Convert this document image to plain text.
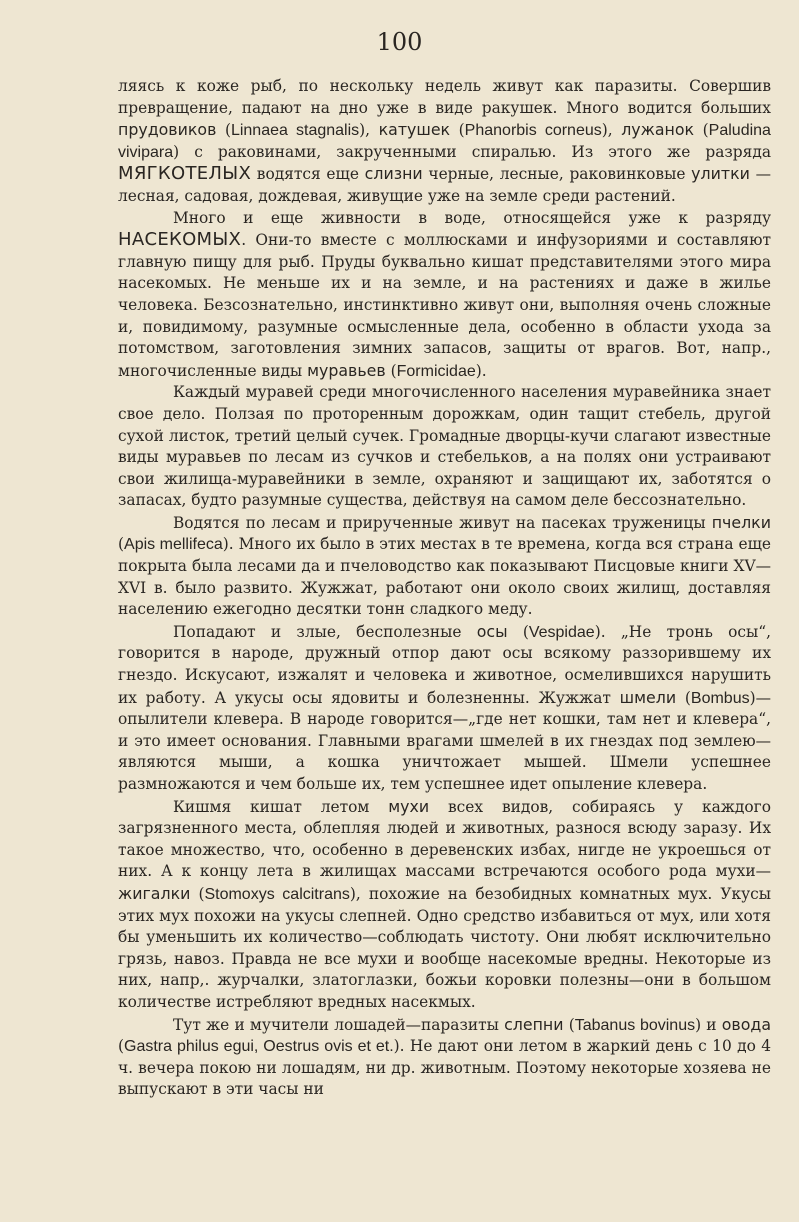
100

ляясь к коже рыб, по нескольку недель живут как паразиты. Совершив превращение, падают на дно уже в виде ракушек. Много водится больших прудовиков (Linnaea stagnalis), катушек (Phanorbis corneus), лужанок (Paludina vivipara) с раковинами, закрученными спиралью. Из этого же разряда МЯГКОТЕЛЫХ водятся еще слизни черные, лесные, раковинковые улитки — лесная, садовая, дождевая, живущие уже на земле среди растений.

Много и еще живности в воде, относящейся уже к разряду НАСЕКОМЫХ. Они-то вместе с моллюсками и инфузориями и составляют главную пищу для рыб. Пруды буквально кишат представителями этого мира насекомых. Не меньше их и на земле, и на растениях и даже в жилье человека. Безсознательно, инстинктивно живут они, выполняя очень сложные и, повидимому, разумные осмысленные дела, особенно в области ухода за потомством, заготовления зимних запасов, защиты от врагов. Вот, напр., многочисленные виды муравьев (Formicidae).

Каждый муравей среди многочисленного населения муравейника знает свое дело. Ползая по протоpенным дорожкам, один тащит стебель, другой сухой листок, третий целый сучек. Громадные дворцы-кучи слагают известные виды муравьев по лесам из сучков и стебельков, а на полях они устраивают свои жилища-муравейники в земле, охраняют и защищают их, заботятся о запасах, будто разумные существа, действуя на самом деле бессознательно.

Водятся по лесам и прирученные живут на пасеках труженицы пчелки (Apis mellifeca). Много их было в этих местах в те времена, когда вся страна еще покрыта была лесами да и пчеловодство как показывают Писцовые книги XV—XVI в. было развито. Жужжат, работают они около своих жилищ, доставляя населению ежегодно десятки тонн сладкого меду.

Попадают и злые, бесполезные осы (Vespidae). „Не тронь осы“, говорится в народе, дружный отпор дают осы всякому раззорившему их гнездо. Искусают, изжалят и человека и животное, осмелившихся нарушить их работу. А укусы осы ядовиты и болезненны. Жужжат шмели (Bombus)—опылители клевера. В народе говорится—„где нет кошки, там нет и клевера“, и это имеет основания. Главными врагами шмелей в их гнездах под землею—являются мыши, а кошка уничтожает мышей. Шмели успешнее размножаются и чем больше их, тем успешнее идет опыление клевера.

Кишмя кишат летом мухи всех видов, собираясь у каждого загрязненного места, облепляя людей и животных, разнося всюду заразу. Их такое множество, что, особенно в деревенских избах, нигде не укроешься от них. А к концу лета в жилищах массами встречаются особого рода мухи—жигалки (Stomoxys calcitrans), похожие на безобидных комнатных мух. Укусы этих мух похожи на укусы слепней. Одно средство избавиться от мух, или хотя бы уменьшить их количество—соблюдать чистоту. Они любят исключительно грязь, навоз. Правда не все мухи и вообще насекомые вредны. Некоторые из них, напр,. журчалки, златоглазки, божьи коровки полезны—они в большом количестве истребляют вредных насекмых.

Тут же и мучители лошадей—паразиты слепни (Tabanus bovinus) и овода (Gastra philus egui, Oestrus ovis et et.). Не дают они летом в жаркий день с 10 до 4 ч. вечера покою ни лошадям, ни др. животным. Поэтому некоторые хозяева не выпускают в эти часы ни
